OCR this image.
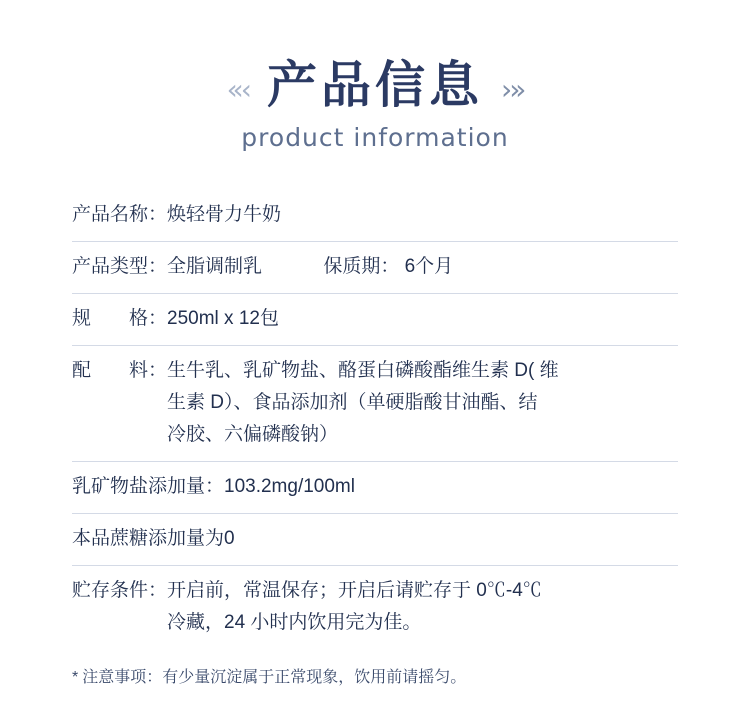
«‹ 产品信息 ›»
product information
产品名称： 焕轻骨力牛奶
产品类型： 全脂调制乳	保质期： 6个月
规　　格： 250ml x 12包
配　　料： 生牛乳、乳矿物盐、酪蛋白磷酸酯维生素 D( 维
生素 D）、食品添加剂（单硬脂酸甘油酯、结
冷胶、六偏磷酸钠）
乳矿物盐添加量： 103.2mg/100ml
本品蔗糖添加量为0
贮存条件： 开启前，常温保存；开启后请贮存于 0℃-4℃
冷藏，24 小时内饮用完为佳。
* 注意事项：有少量沉淀属于正常现象，饮用前请摇匀。
